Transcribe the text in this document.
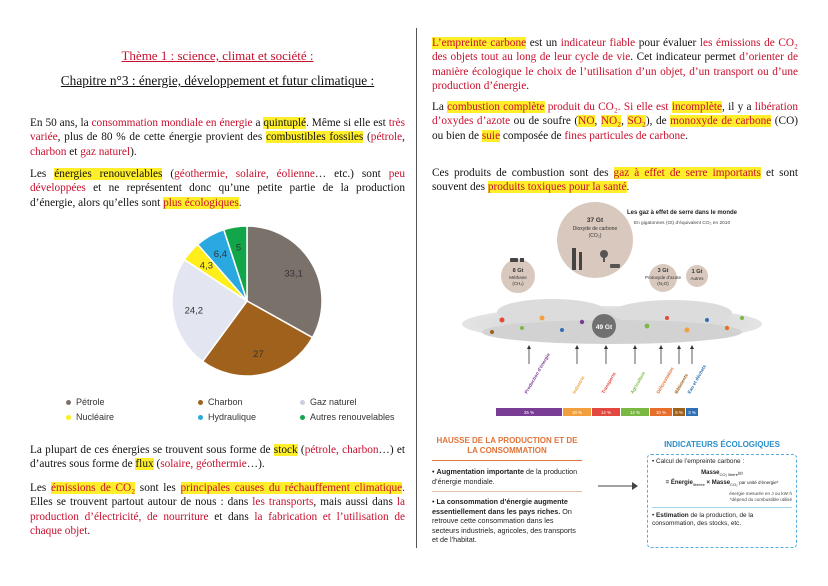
Thème 1 : science, climat et société :
Chapitre n°3 : énergie, développement et futur climatique :

En 50 ans, la consommation mondiale en énergie a quintuplé. Même si elle est très variée, plus de 80 % de cette énergie provient des combustibles fossiles (pétrole, charbon et gaz naturel).

Les énergies renouvelables (géothermie, solaire, éolienne… etc.) sont peu développées et ne représentent donc qu’une petite partie de la production d’énergie, alors qu’elles sont plus écologiques.

33,1
27
24,2
4,3
6,4
5
Pétrole	Charbon	Gaz naturel
Nucléaire	Hydraulique	Autres renouvelables

La plupart de ces énergies se trouvent sous forme de stock (pétrole, charbon…) et d’autres sous forme de flux (solaire, géothermie…).

Les émissions de CO₂ sont les principales causes du réchauffement climatique. Elles se trouvent partout autour de nous : dans les transports, mais aussi dans la production d’électricité, de nourriture et dans la fabrication et l’utilisation de chaque objet.

L’empreinte carbone est un indicateur fiable pour évaluer les émissions de CO₂ des objets tout au long de leur cycle de vie. Cet indicateur permet d’orienter de manière écologique le choix de l’utilisation d’un objet, d’un transport ou d’une production d’énergie.

La combustion complète produit du CO₂. Si elle est incomplète, il y a libération d’oxydes d’azote ou de soufre (NO, NO₂, SO₂), de monoxyde de carbone (CO) ou bien de suie composée de fines particules de carbone.

Ces produits de combustion sont des gaz à effet de serre importants et sont souvent des produits toxiques pour la santé.

37 Gt
Dioxyde de carbone
(CO₂)
8 Gt
Méthane
(CH₄)
3 Gt
Protoxyde d’azote
(N₂O)
1 Gt
Autres
Les gaz à effet de serre dans le monde
En gigatonnes (Gt) d’équivalent CO₂ en 2010
49 Gt
25 %
Production d’énergie
18 %
Industrie
14 %
Transports
14 %
Agriculture
10 %
Déforestation
6 %
Bâtiments
3 %
Eau et déchets
HAUSSE DE LA PRODUCTION ET DE LA CONSOMMATION
• Augmentation importante de la production d’énergie mondiale.
• La consommation d’énergie augmente essentiellement dans les pays riches. On retrouve cette consommation dans les secteurs industriels, agricoles, des transports et de l’habitat.
INDICATEURS ÉCOLOGIQUES
• Calcul de l’empreinte carbone :
Masse$_{CO_2 libéré}$(g)
= Énergie$_{libérée}$ × Masse$_{CO_2}$ par unité d’énergie*
énergie mesurée en J ou kW·h
*dépend du combustible utilisé
• Estimation de la production, de la consommation, des stocks, etc.
